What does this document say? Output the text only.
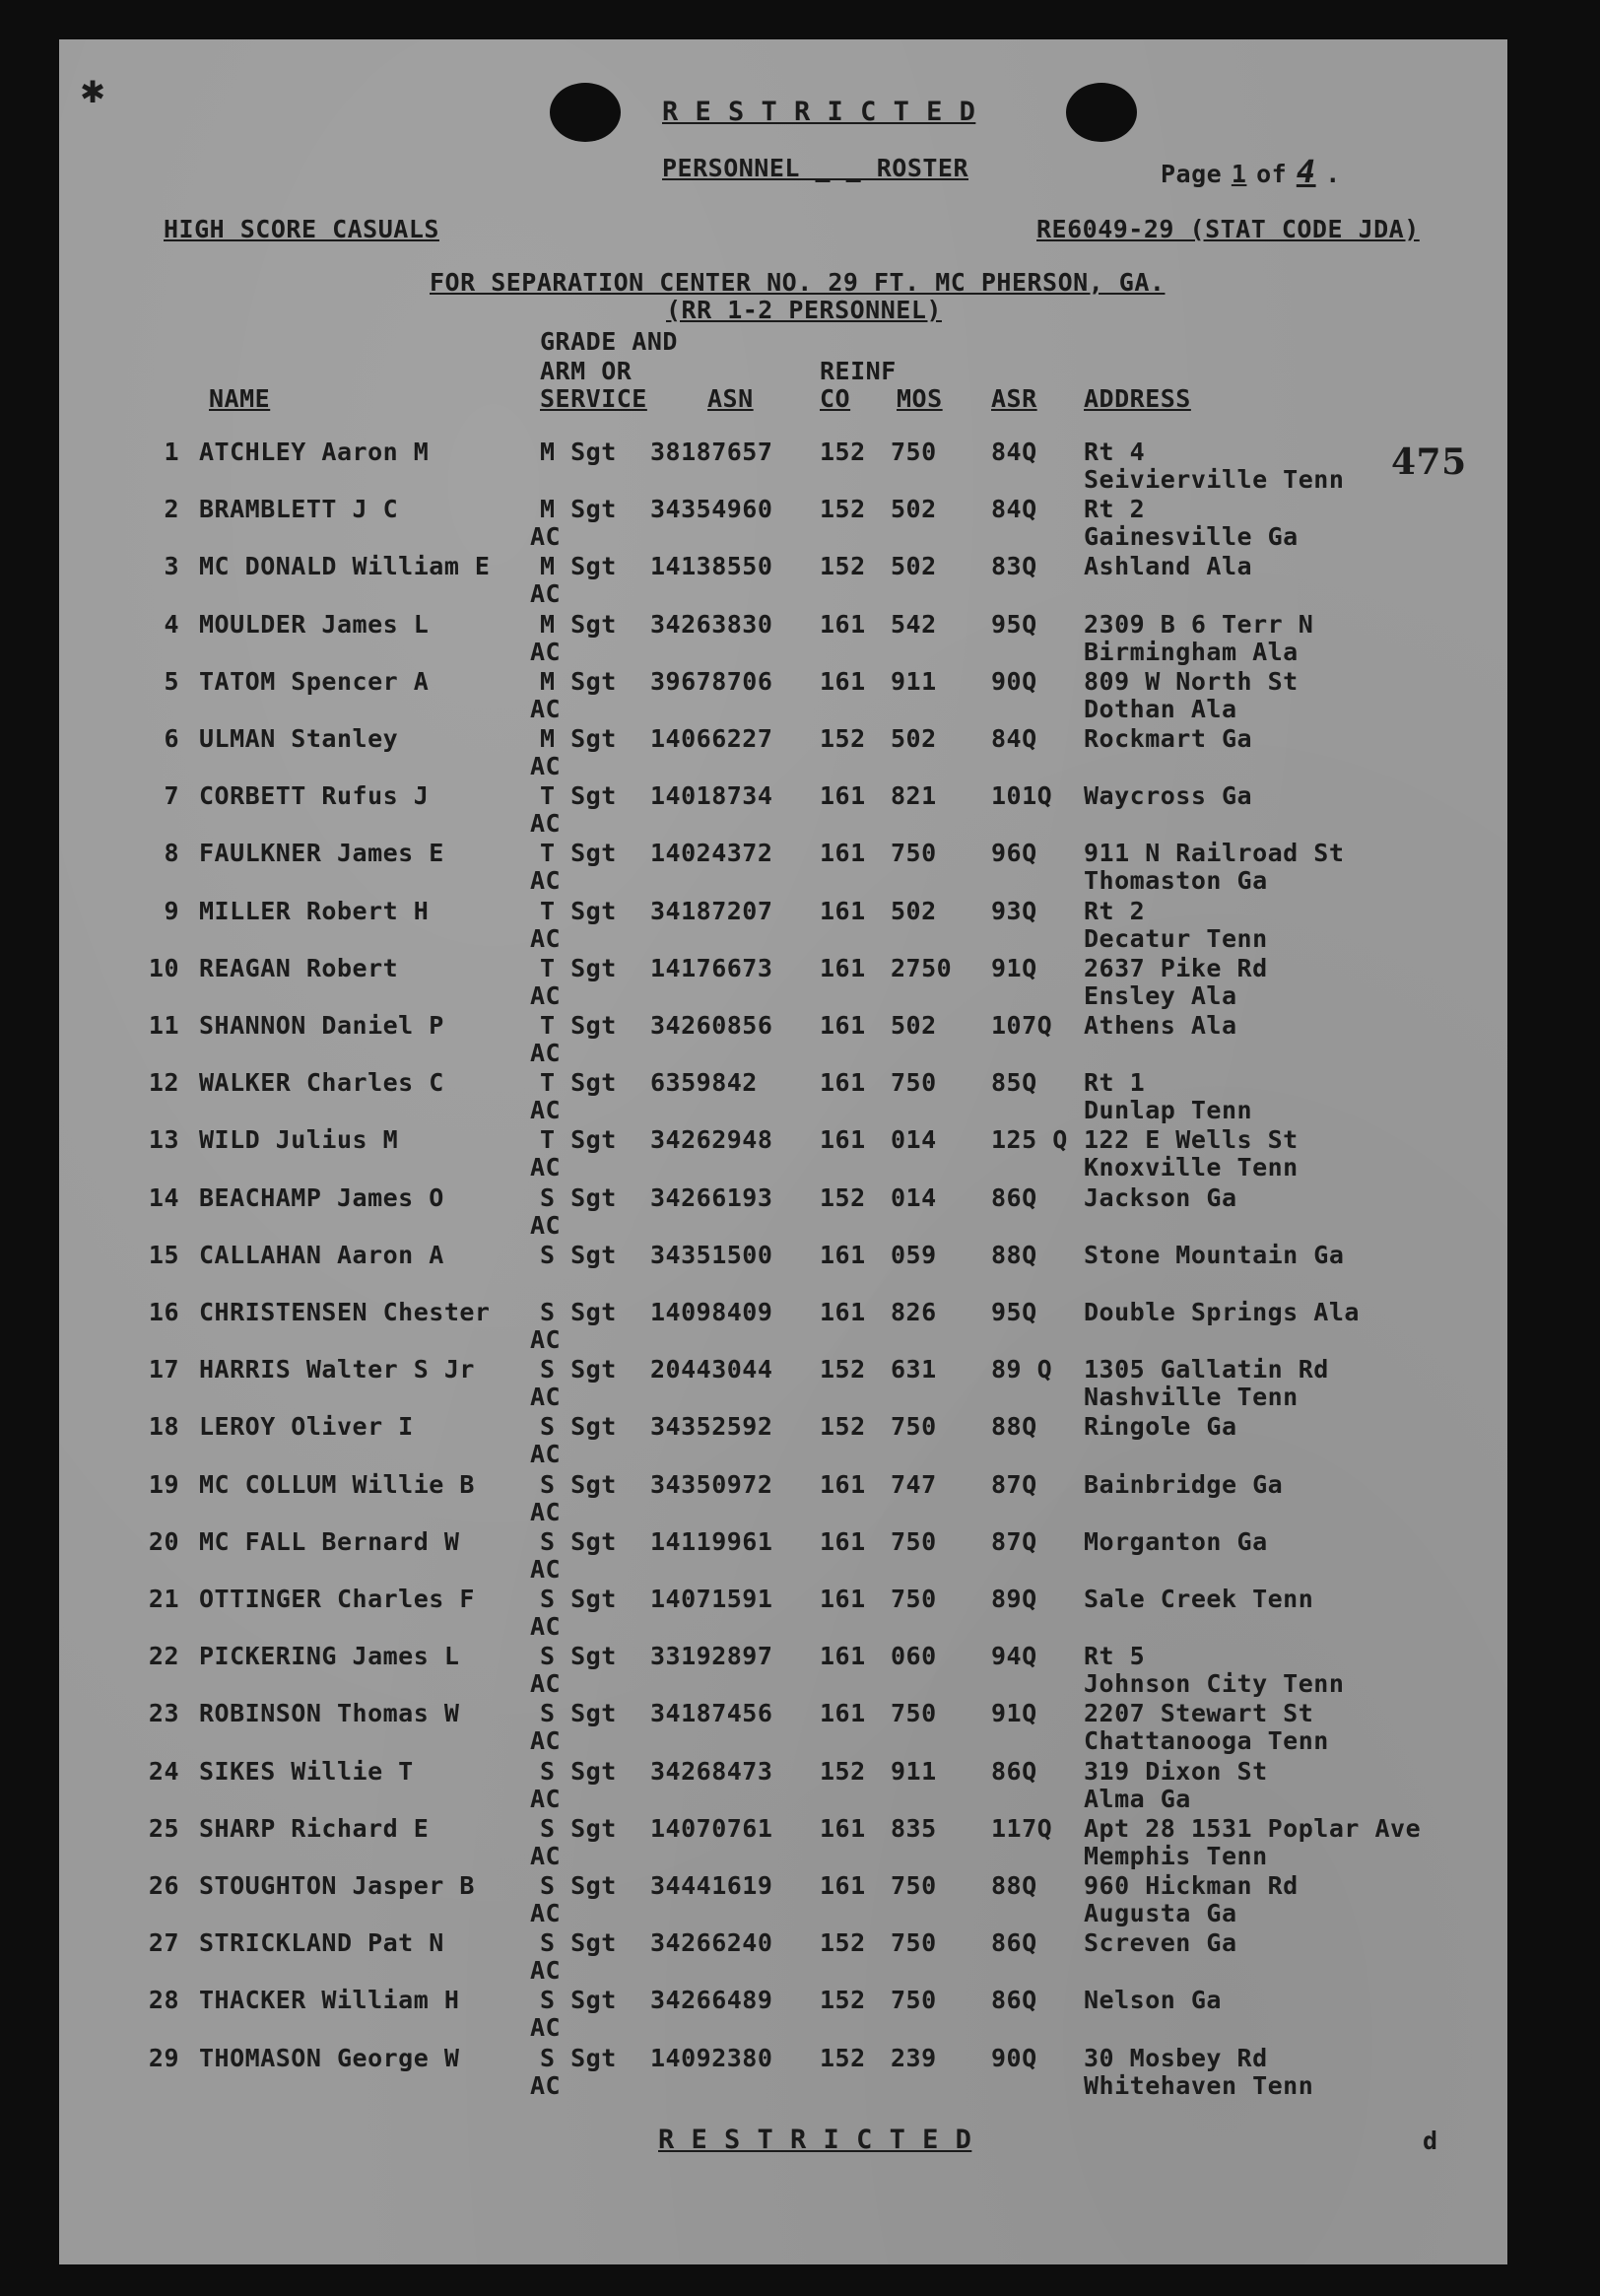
✱	R E S T R I C T E D
PERSONNEL _ _ ROSTER	Page 1 of 4 .
HIGH SCORE CASUALS	RE6049-29 (STAT CODE JDA)
FOR SEPARATION CENTER NO. 29 FT. MC PHERSON, GA.
(RR 1-2 PERSONNEL)
GRADE AND
ARM OR
SERVICE
NAME	ASN
REINF
CO MOS ASR ADDRESS
475
1 ATCHLEY Aaron M	M Sgt 38187657 152 750 84Q Rt 4
Seivierville Tenn
2 BRAMBLETT J C	M Sgt 34354960 152 502 84Q Rt 2
AC	Gainesville Ga
3 MC DONALD William E M Sgt 14138550 152 502 83Q Ashland Ala
AC
4 MOULDER James L	M Sgt 34263830 161 542 95Q 2309 B 6 Terr N
AC	Birmingham Ala
5 TATOM Spencer A	M Sgt 39678706 161 911 90Q 809 W North St
AC	Dothan Ala
6 ULMAN Stanley	M Sgt 14066227 152 502 84Q Rockmart Ga
AC
7 CORBETT Rufus J	T Sgt 14018734 161 821 101Q Waycross Ga
AC
8 FAULKNER James E	T Sgt 14024372 161 750 96Q 911 N Railroad St
AC	Thomaston Ga
9 MILLER Robert H	T Sgt 34187207 161 502 93Q Rt 2
AC	Decatur Tenn
10 REAGAN Robert	T Sgt 14176673 161 2750 91Q 2637 Pike Rd
AC	Ensley Ala
11 SHANNON Daniel P	T Sgt 34260856 161 502 107Q Athens Ala
AC
12 WALKER Charles C	T Sgt 6359842	161 750 85Q Rt 1
AC	Dunlap Tenn
13 WILD Julius M	T Sgt 34262948 161 014 125 Q 122 E Wells St
AC	Knoxville Tenn
14 BEACHAMP James O	S Sgt 34266193 152 014 86Q Jackson Ga
AC
15 CALLAHAN Aaron A	S Sgt 34351500 161 059 88Q Stone Mountain Ga
16 CHRISTENSEN Chester S Sgt 14098409 161 826 95Q Double Springs Ala
AC
17 HARRIS Walter S Jr	S Sgt 20443044 152 631 89 Q 1305 Gallatin Rd
AC	Nashville Tenn
18 LEROY Oliver I	S Sgt 34352592 152 750 88Q Ringole Ga
AC
19 MC COLLUM Willie B	S Sgt 34350972 161 747 87Q Bainbridge Ga
AC
20 MC FALL Bernard W	S Sgt 14119961 161 750 87Q Morganton Ga
AC
21 OTTINGER Charles F	S Sgt 14071591 161 750 89Q Sale Creek Tenn
AC
22 PICKERING James L	S Sgt 33192897 161 060 94Q Rt 5
AC	Johnson City Tenn
23 ROBINSON Thomas W	S Sgt 34187456 161 750 91Q 2207 Stewart St
AC	Chattanooga Tenn
24 SIKES Willie T	S Sgt 34268473 152 911 86Q 319 Dixon St
AC	Alma Ga
25 SHARP Richard E	S Sgt 14070761 161 835 117Q Apt 28 1531 Poplar Ave
AC	Memphis Tenn
26 STOUGHTON Jasper B	S Sgt 34441619 161 750 88Q 960 Hickman Rd
AC	Augusta Ga
27 STRICKLAND Pat N	S Sgt 34266240 152 750 86Q Screven Ga
AC
28 THACKER William H	S Sgt 34266489 152 750 86Q Nelson Ga
AC
29 THOMASON George W	S Sgt 14092380 152 239 90Q 30 Mosbey Rd
AC	Whitehaven Tenn
R E S T R I C T E D	d
